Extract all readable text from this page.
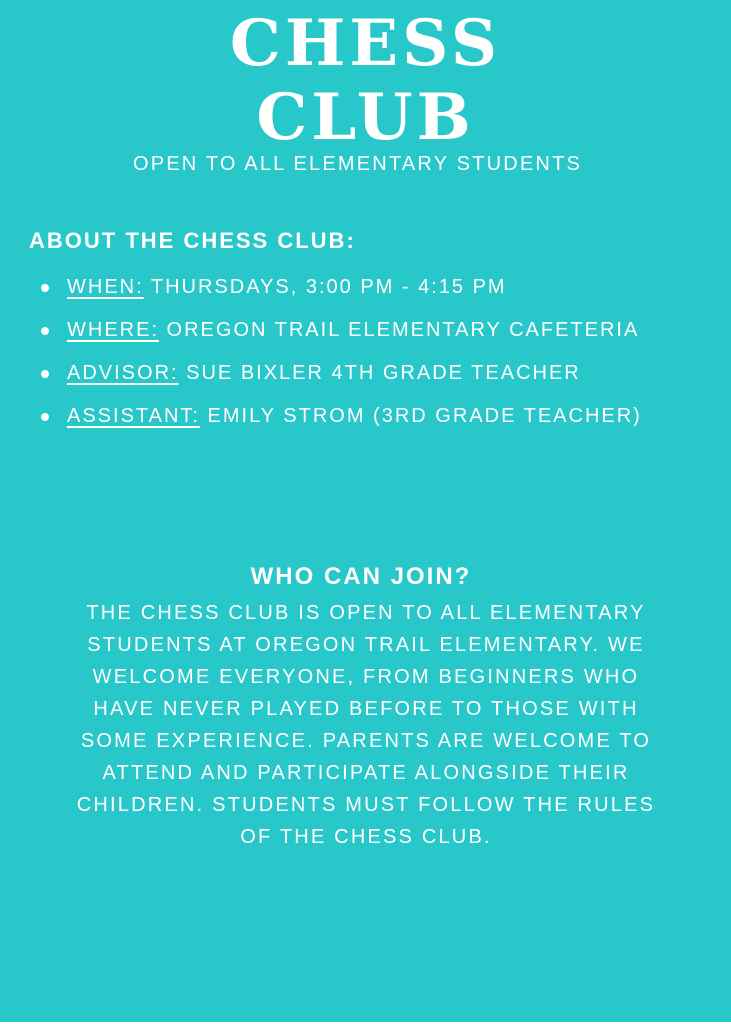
CHESS
CLUB

OPEN TO ALL ELEMENTARY STUDENTS

ABOUT THE CHESS CLUB:
WHEN: THURSDAYS, 3:00 PM - 4:15 PM
WHERE: OREGON TRAIL ELEMENTARY CAFETERIA
ADVISOR: SUE BIXLER 4TH GRADE TEACHER
ASSISTANT: EMILY STROM (3RD GRADE TEACHER)
WHO CAN JOIN?

THE CHESS CLUB IS OPEN TO ALL ELEMENTARY STUDENTS AT OREGON TRAIL ELEMENTARY. WE WELCOME EVERYONE, FROM BEGINNERS WHO HAVE NEVER PLAYED BEFORE TO THOSE WITH SOME EXPERIENCE. PARENTS ARE WELCOME TO ATTEND AND PARTICIPATE ALONGSIDE THEIR CHILDREN. STUDENTS MUST FOLLOW THE RULES OF THE CHESS CLUB.
